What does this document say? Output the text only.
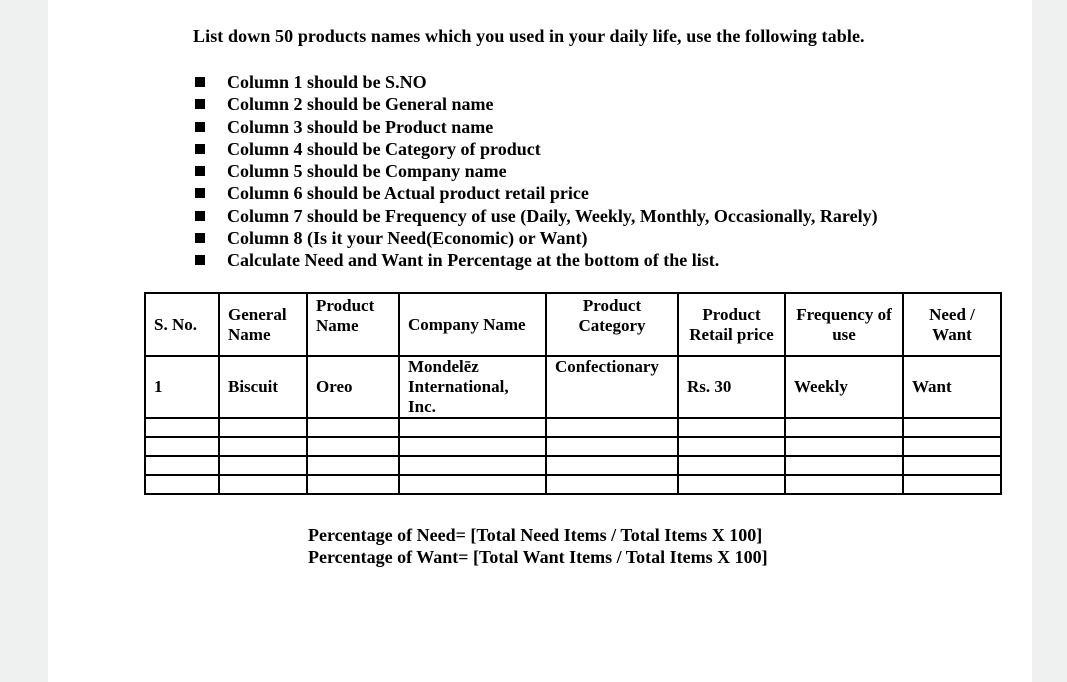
List down 50 products names which you used in your daily life, use the following table.
Column 1 should be S.NO
Column 2 should be General name
Column 3 should be Product name
Column 4 should be Category of product
Column 5 should be Company name
Column 6 should be Actual product retail price
Column 7 should be Frequency of use (Daily, Weekly, Monthly, Occasionally, Rarely)
Column 8 (Is it your Need(Economic) or Want)
Calculate Need and Want in Percentage at the bottom of the list.
S. No.	General Name	Product Name	Company Name	Product Category	Product Retail price	Frequency of use	Need / Want
1	Biscuit	Oreo	Mondelēz International, Inc.	Confectionary	Rs. 30	Weekly	Want

Percentage of Need= [Total Need Items / Total Items X 100]
Percentage of Want= [Total Want Items / Total Items X 100]
